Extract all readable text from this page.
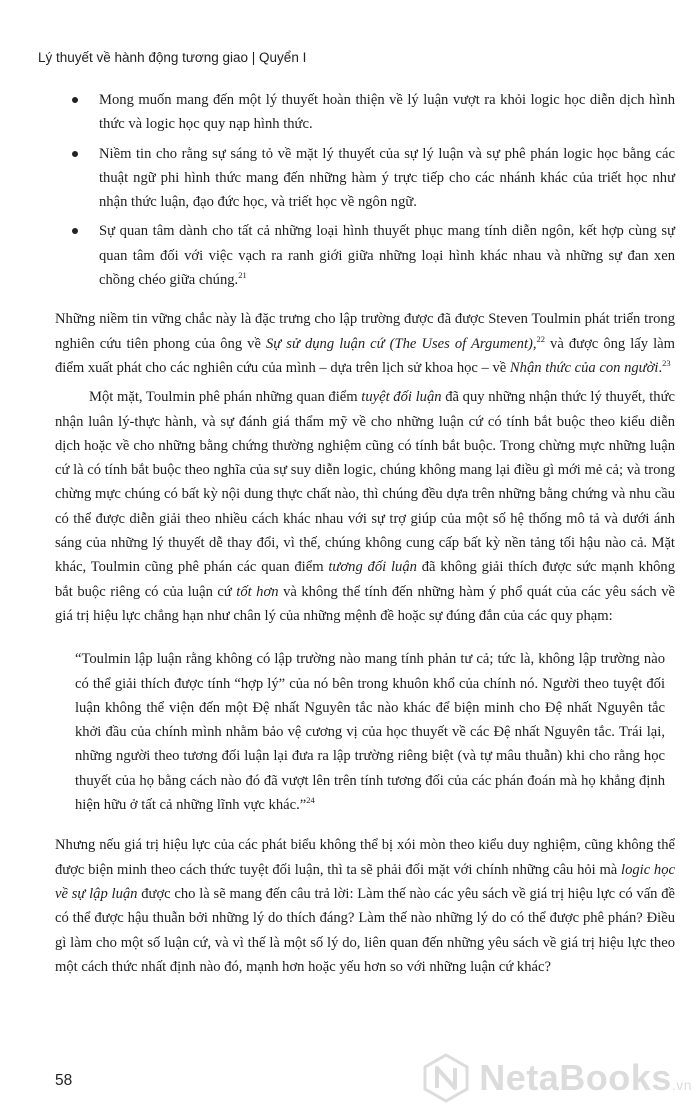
Lý thuyết về hành động tương giao | Quyển I
Mong muốn mang đến một lý thuyết hoàn thiện về lý luận vượt ra khỏi logic học diễn dịch hình thức và logic học quy nạp hình thức.
Niềm tin cho rằng sự sáng tỏ về mặt lý thuyết của sự lý luận và sự phê phán logic học bằng các thuật ngữ phi hình thức mang đến những hàm ý trực tiếp cho các nhánh khác của triết học như nhận thức luận, đạo đức học, và triết học về ngôn ngữ.
Sự quan tâm dành cho tất cả những loại hình thuyết phục mang tính diễn ngôn, kết hợp cùng sự quan tâm đối với việc vạch ra ranh giới giữa những loại hình khác nhau và những sự đan xen chồng chéo giữa chúng.$^{21}$

Những niềm tin vững chắc này là đặc trưng cho lập trường được đã được Steven Toulmin phát triển trong nghiên cứu tiên phong của ông về Sự sử dụng luận cứ (The Uses of Argument),$^{22}$ và được ông lấy làm điểm xuất phát cho các nghiên cứu của mình – dựa trên lịch sử khoa học – về Nhận thức của con người.$^{23}$

Một mặt, Toulmin phê phán những quan điểm tuyệt đối luận đã quy những nhận thức lý thuyết, thức nhận luân lý-thực hành, và sự đánh giá thẩm mỹ về cho những luận cứ có tính bắt buộc theo kiểu diễn dịch hoặc về cho những bằng chứng thường nghiệm cũng có tính bắt buộc. Trong chừng mực những luận cứ là có tính bắt buộc theo nghĩa của sự suy diễn logic, chúng không mang lại điều gì mới mẻ cả; và trong chừng mực chúng có bất kỳ nội dung thực chất nào, thì chúng đều dựa trên những bằng chứng và nhu cầu có thể được diễn giải theo nhiều cách khác nhau với sự trợ giúp của một số hệ thống mô tả và dưới ánh sáng của những lý thuyết dễ thay đổi, vì thế, chúng không cung cấp bất kỳ nền tảng tối hậu nào cả. Mặt khác, Toulmin cũng phê phán các quan điểm tương đối luận đã không giải thích được sức mạnh không bắt buộc riêng có của luận cứ tốt hơn và không thể tính đến những hàm ý phổ quát của các yêu sách về giá trị hiệu lực chẳng hạn như chân lý của những mệnh đề hoặc sự đúng đắn của các quy phạm:

“Toulmin lập luận rằng không có lập trường nào mang tính phản tư cả; tức là, không lập trường nào có thể giải thích được tính “hợp lý” của nó bên trong khuôn khổ của chính nó. Người theo tuyệt đối luận không thể viện đến một Đệ nhất Nguyên tắc nào khác để biện minh cho Đệ nhất Nguyên tắc khởi đầu của chính mình nhằm bảo vệ cương vị của học thuyết về các Đệ nhất Nguyên tắc. Trái lại, những người theo tương đối luận lại đưa ra lập trường riêng biệt (và tự mâu thuẫn) khi cho rằng học thuyết của họ bằng cách nào đó đã vượt lên trên tính tương đối của các phán đoán mà họ khẳng định hiện hữu ở tất cả những lĩnh vực khác.”$^{24}$

Nhưng nếu giá trị hiệu lực của các phát biểu không thể bị xói mòn theo kiểu duy nghiệm, cũng không thể được biện minh theo cách thức tuyệt đối luận, thì ta sẽ phải đối mặt với chính những câu hỏi mà logic học về sự lập luận được cho là sẽ mang đến câu trả lời: Làm thế nào các yêu sách về giá trị hiệu lực có vấn đề có thể được hậu thuẫn bởi những lý do thích đáng? Làm thế nào những lý do có thể được phê phán? Điều gì làm cho một số luận cứ, và vì thế là một số lý do, liên quan đến những yêu sách về giá trị hiệu lực theo một cách thức nhất định nào đó, mạnh hơn hoặc yếu hơn so với những luận cứ khác?

58	NetaBooks.vn
